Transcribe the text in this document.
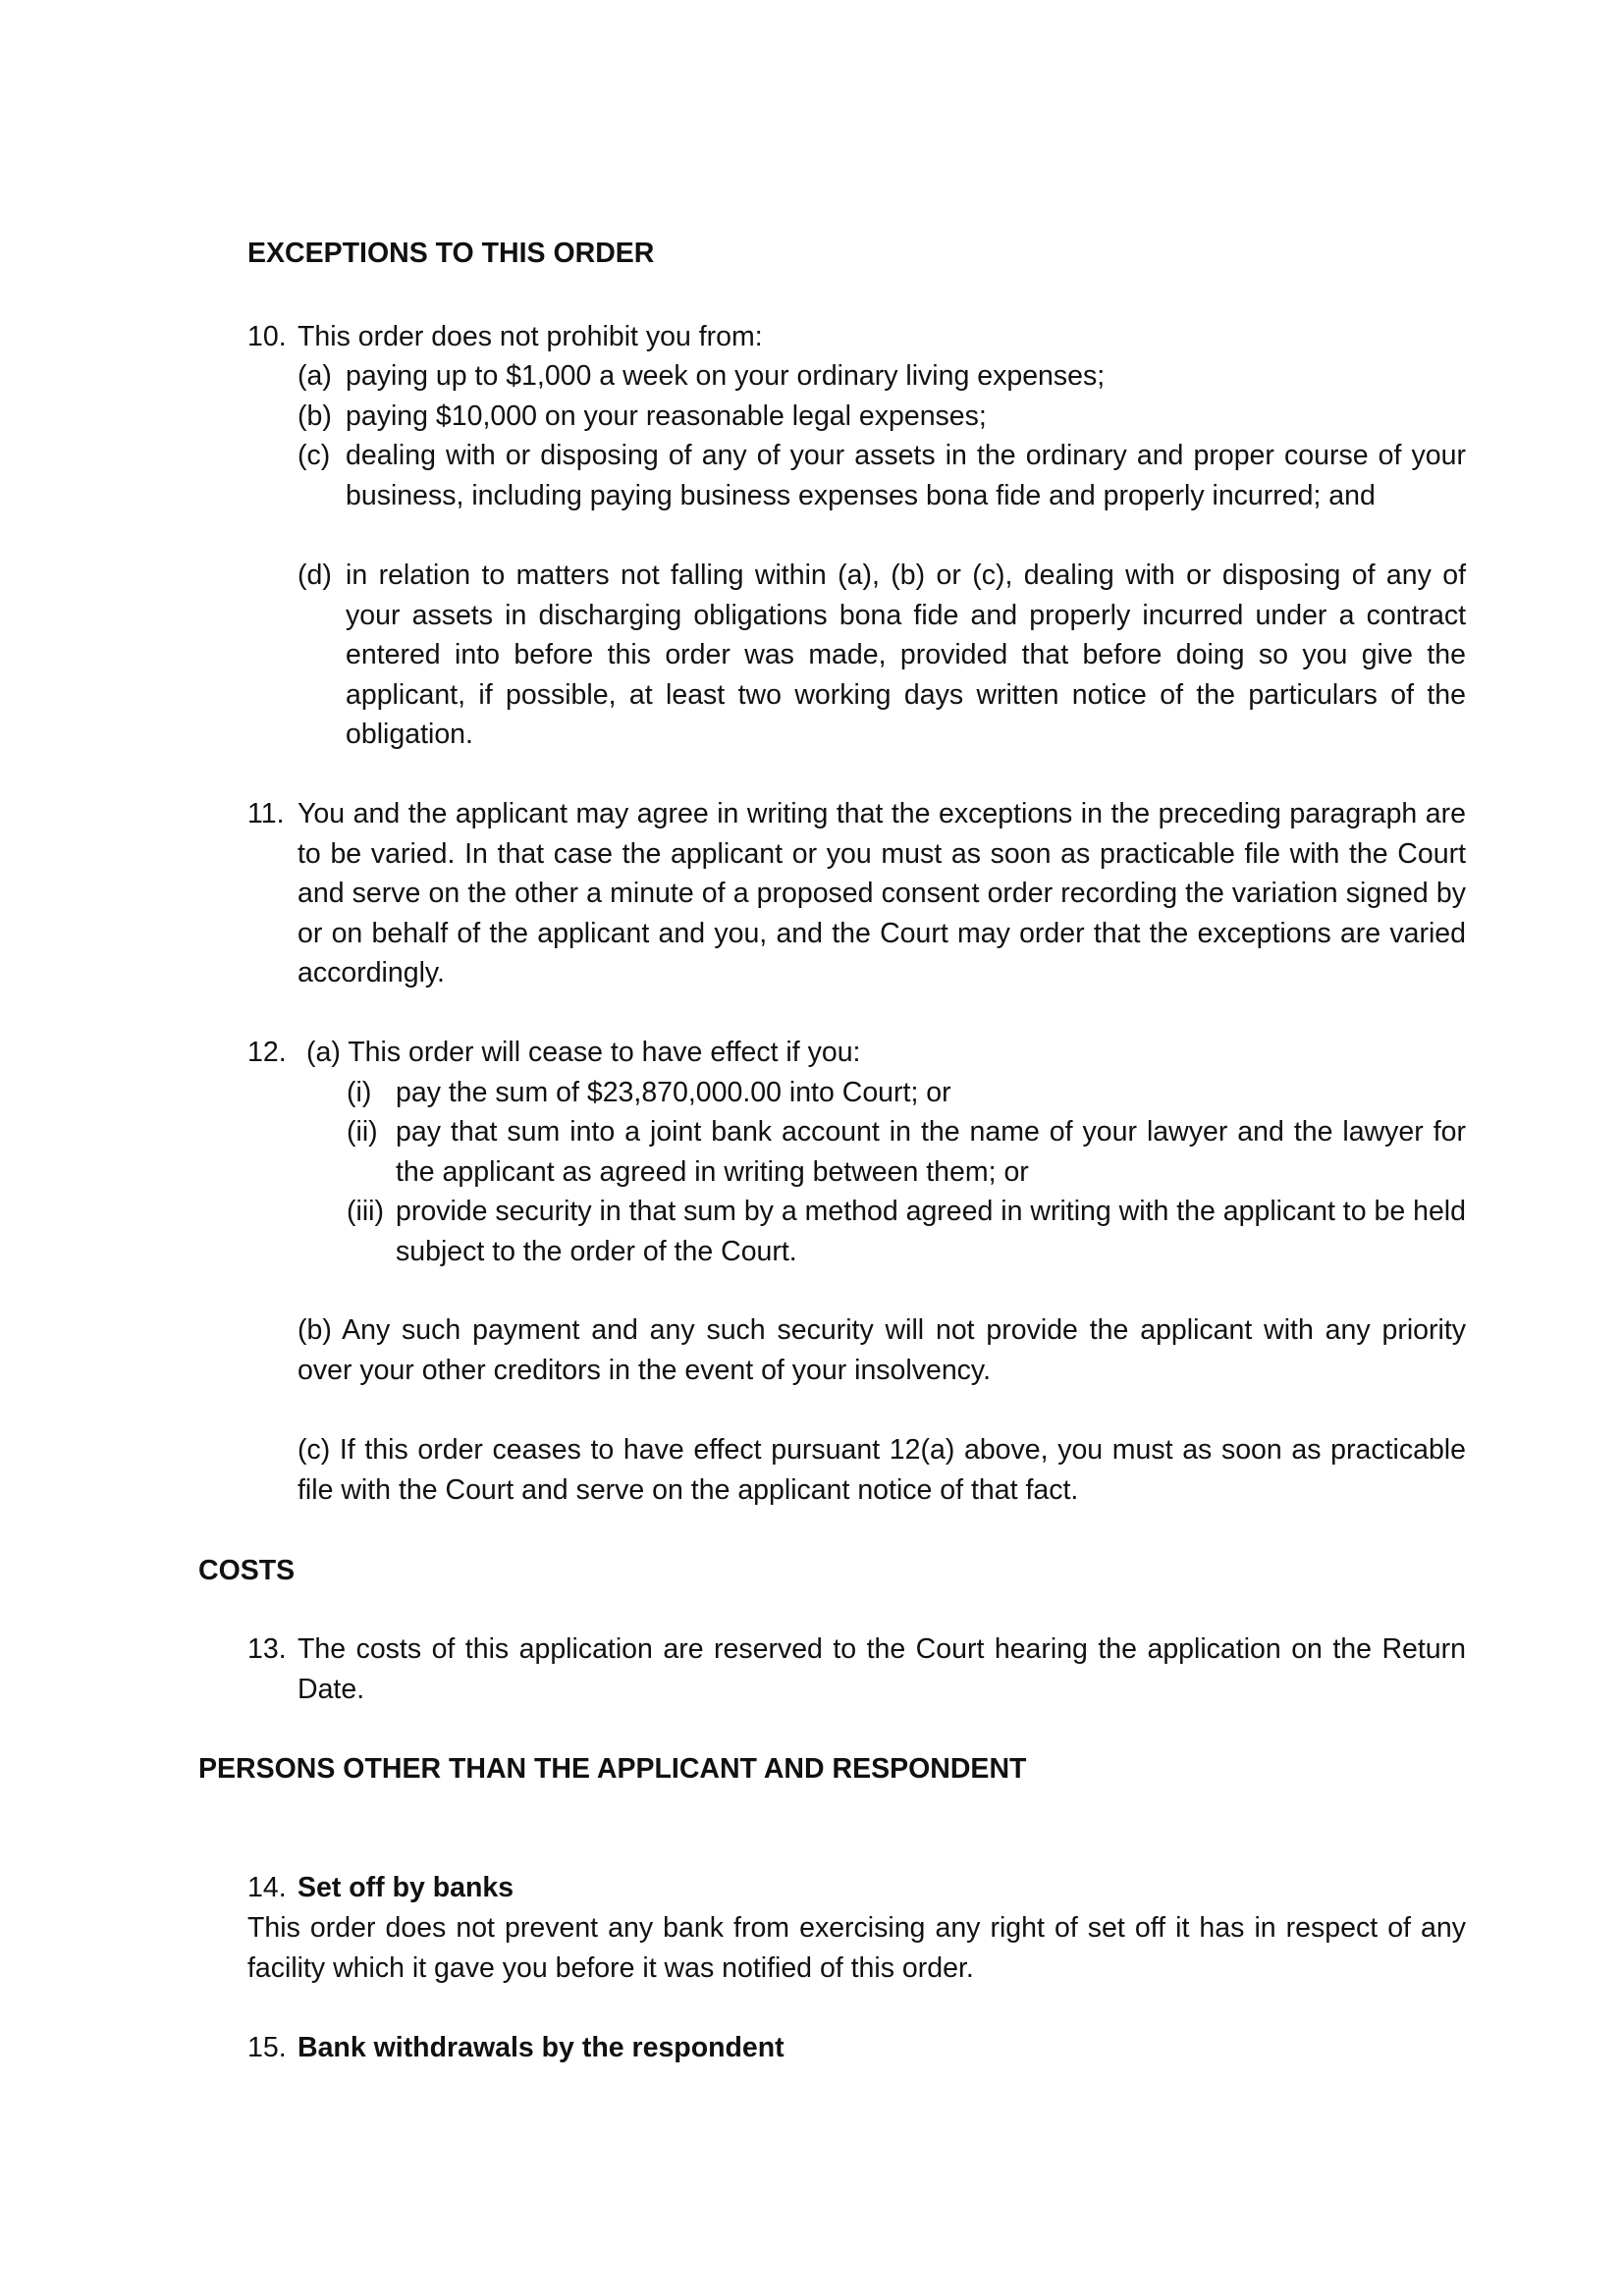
EXCEPTIONS TO THIS ORDER
10. This order does not prohibit you from:
(a) paying up to $1,000 a week on your ordinary living expenses;
(b) paying $10,000 on your reasonable legal expenses;
(c) dealing with or disposing of any of your assets in the ordinary and proper course of your business, including paying business expenses bona fide and properly incurred; and
(d) in relation to matters not falling within (a), (b) or (c), dealing with or disposing of any of your assets in discharging obligations bona fide and properly incurred under a contract entered into before this order was made, provided that before doing so you give the applicant, if possible, at least two working days written notice of the particulars of the obligation.
11. You and the applicant may agree in writing that the exceptions in the preceding paragraph are to be varied. In that case the applicant or you must as soon as practicable file with the Court and serve on the other a minute of a proposed consent order recording the variation signed by or on behalf of the applicant and you, and the Court may order that the exceptions are varied accordingly.
12. (a) This order will cease to have effect if you:
(i) pay the sum of $23,870,000.00 into Court; or
(ii) pay that sum into a joint bank account in the name of your lawyer and the lawyer for the applicant as agreed in writing between them; or
(iii) provide security in that sum by a method agreed in writing with the applicant to be held subject to the order of the Court.
(b) Any such payment and any such security will not provide the applicant with any priority over your other creditors in the event of your insolvency.
(c) If this order ceases to have effect pursuant 12(a) above, you must as soon as practicable file with the Court and serve on the applicant notice of that fact.
COSTS
13. The costs of this application are reserved to the Court hearing the application on the Return Date.
PERSONS OTHER THAN THE APPLICANT AND RESPONDENT
14. Set off by banks
This order does not prevent any bank from exercising any right of set off it has in respect of any facility which it gave you before it was notified of this order.
15. Bank withdrawals by the respondent
